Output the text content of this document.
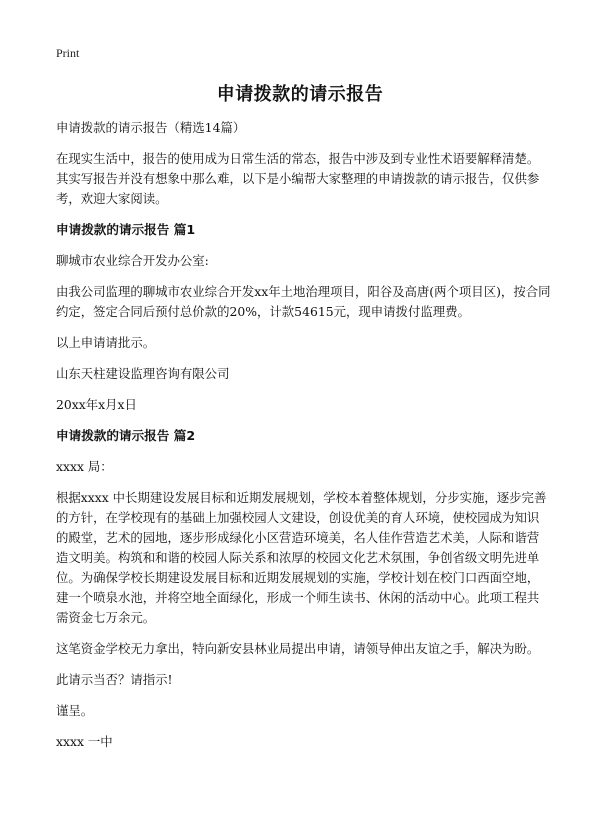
Print
申请拨款的请示报告

申请拨款的请示报告（精选14篇）

在现实生活中，报告的使用成为日常生活的常态，报告中涉及到专业性术语要解释清楚。其实写报告并没有想象中那么难，以下是小编帮大家整理的申请拨款的请示报告，仅供参考，欢迎大家阅读。

申请拨款的请示报告 篇1

聊城市农业综合开发办公室:

由我公司监理的聊城市农业综合开发xx年土地治理项目，阳谷及高唐(两个项目区)，按合同约定，签定合同后预付总价款的20%，计款54615元，现申请拨付监理费。

以上申请请批示。

山东天柱建设监理咨询有限公司

20xx年x月x日

申请拨款的请示报告 篇2

xxxx 局：

根据xxxx 中长期建设发展目标和近期发展规划，学校本着整体规划，分步实施，逐步完善的方针，在学校现有的基础上加强校园人文建设，创设优美的育人环境，使校园成为知识的殿堂，艺术的园地，逐步形成绿化小区营造环境美，名人佳作营造艺术美，人际和谐营造文明美。构筑和和谐的校园人际关系和浓厚的校园文化艺术氛围，争创省级文明先进单位。为确保学校长期建设发展目标和近期发展规划的实施，学校计划在校门口西面空地，建一个喷泉水池，并将空地全面绿化，形成一个师生读书、休闲的活动中心。此项工程共需资金七万余元。

这笔资金学校无力拿出，特向新安县林业局提出申请，请领导伸出友谊之手，解决为盼。

此请示当否？请指示!

谨呈。

xxxx 一中
